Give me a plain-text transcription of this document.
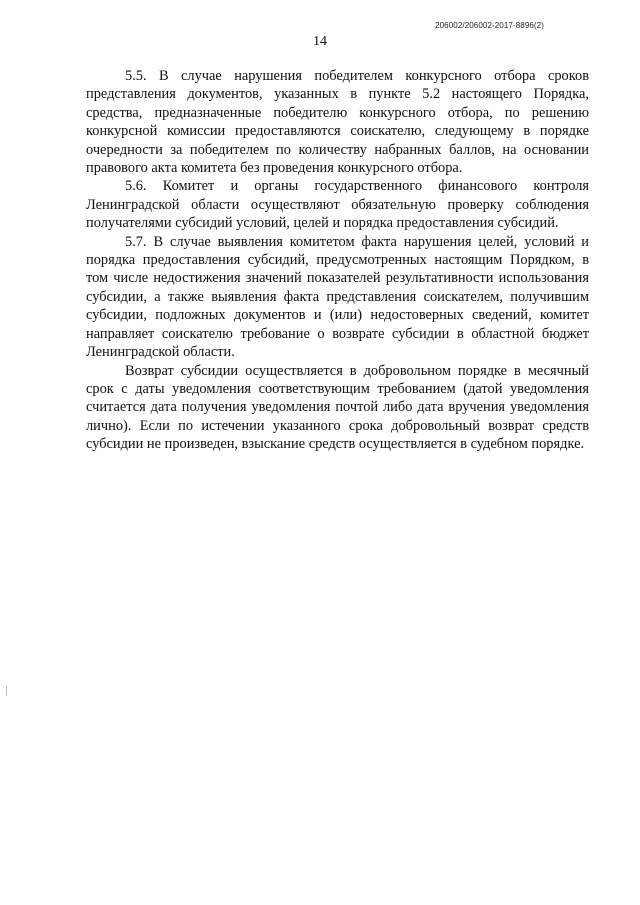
206002/206002-2017-8896(2)
14

5.5. В случае нарушения победителем конкурсного отбора сроков представления документов, указанных в пункте 5.2 настоящего Порядка, средства, предназначенные победителю конкурсного отбора, по решению конкурсной комиссии предоставляются соискателю, следующему в порядке очередности за победителем по количеству набранных баллов, на основании правового акта комитета без проведения конкурсного отбора.

5.6. Комитет и органы государственного финансового контроля Ленинградской области осуществляют обязательную проверку соблюдения получателями субсидий условий, целей и порядка предоставления субсидий.

5.7. В случае выявления комитетом факта нарушения целей, условий и порядка предоставления субсидий, предусмотренных настоящим Порядком, в том числе недостижения значений показателей результативности использования субсидии, а также выявления факта представления соискателем, получившим субсидии, подложных документов и (или) недостоверных сведений, комитет направляет соискателю требование о возврате субсидии в областной бюджет Ленинградской области.

Возврат субсидии осуществляется в добровольном порядке в месячный срок с даты уведомления соответствующим требованием (датой уведомления считается дата получения уведомления почтой либо дата вручения уведомления лично). Если по истечении указанного срока добровольный возврат средств субсидии не произведен, взыскание средств осуществляется в судебном порядке.
